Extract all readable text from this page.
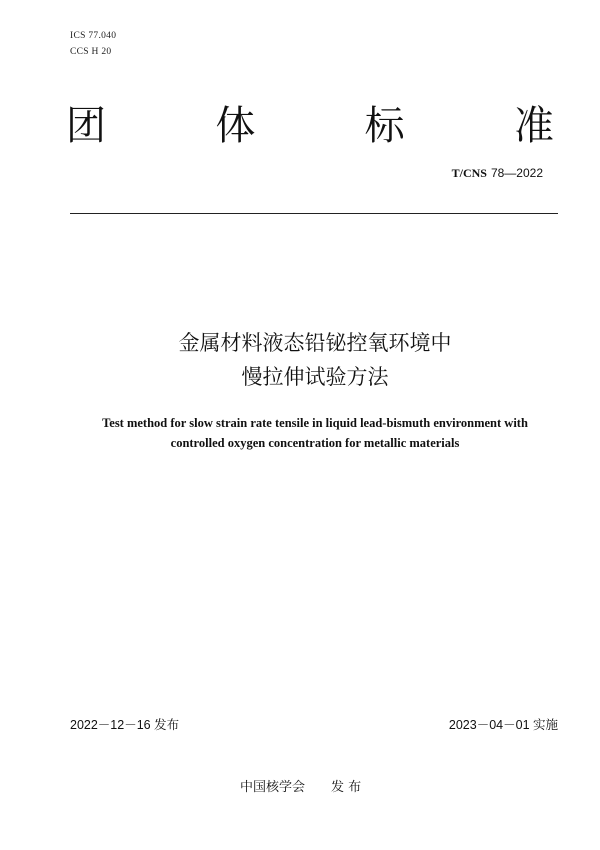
ICS 77.040
CCS H 20
团	体	标	准
T/CNS 78—2022
金属材料液态铅铋控氧环境中
慢拉伸试验方法
Test method for slow strain rate tensile in liquid lead-bismuth environment with
controlled oxygen concentration for metallic materials
2022－12－16 发布	2023－04－01 实施
中国核学会 发 布
